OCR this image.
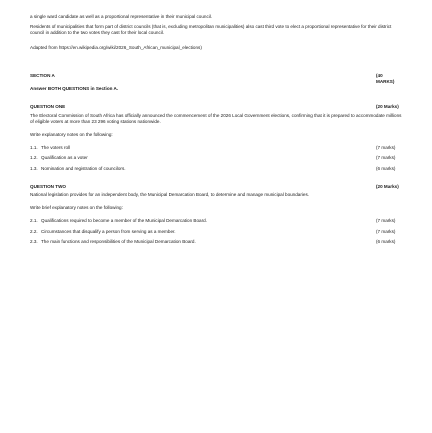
a single ward candidate as well as a proportional representative in their municipal council.

Residents of municipalities that form part of district councils (that is, excluding metropolitan municipalities) also cast third vote to elect a proportional representative for their district council in addition to the two votes they cast for their local council.

Adapted from https://en.wikipedia.org/wiki/2026_South_African_municipal_elections)

SECTION A	(40 MARKS)

Answer BOTH QUESTIONS in Section A.

QUESTION ONE	(20 Marks)

The Electoral Commission of South Africa has officially announced the commencement of the 2026 Local Government elections, confirming that it is prepared to accommodate millions of eligible voters at more than 23 296 voting stations nationwide.

Write explanatory notes on the following:

1.1. The voters roll	(7 marks)
1.2. Qualification as a voter	(7 marks)
1.3. Nomination and registration of councilors.	(6 marks)
QUESTION TWO	(20 Marks)

National legislation provides for an independent body, the Municipal Demarcation Board, to determine and manage municipal boundaries.

Write brief explanatory notes on the following:

2.1. Qualifications required to become a member of the Municipal Demarcation Board.	(7 marks)
2.2. Circumstances that disqualify a person from serving as a member.	(7 marks)
2.3. The main functions and responsibilities of the Municipal Demarcation Board.	(6 marks)
